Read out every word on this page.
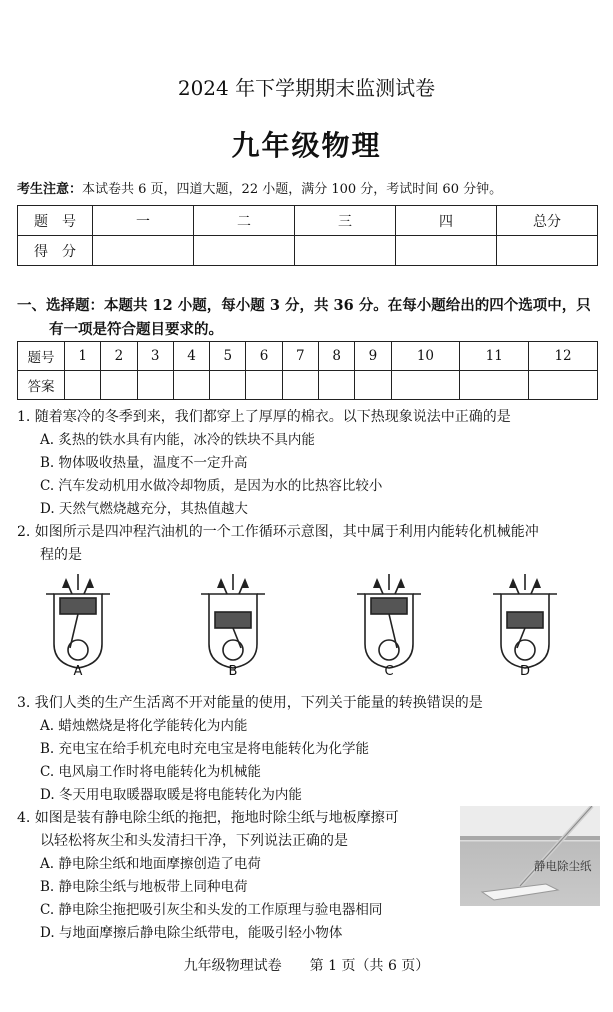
2024 年下学期期末监测试卷
九年级物理
考生注意：本试卷共 6 页，四道大题，22 小题，满分 100 分，考试时间 60 分钟。
题　号	一	二	三	四	总分
得　分					
一、选择题：本题共 12 小题，每小题 3 分，共 36 分。在每小题给出的四个选项中，只
有一项是符合题目要求的。
题号	1	2	3	4	5	6	7	8	9	10	11	12
答案												
1. 随着寒冷的冬季到来，我们都穿上了厚厚的棉衣。以下热现象说法中正确的是
A. 炙热的铁水具有内能，冰冷的铁块不具内能
B. 物体吸收热量，温度不一定升高
C. 汽车发动机用水做冷却物质，是因为水的比热容比较小
D. 天然气燃烧越充分，其热值越大
2. 如图所示是四冲程汽油机的一个工作循环示意图，其中属于利用内能转化机械能冲
程的是
A	B	C	D
3. 我们人类的生产生活离不开对能量的使用，下列关于能量的转换错误的是
A. 蜡烛燃烧是将化学能转化为内能
B. 充电宝在给手机充电时充电宝是将电能转化为化学能
C. 电风扇工作时将电能转化为机械能
D. 冬天用电取暖器取暖是将电能转化为内能
4. 如图是装有静电除尘纸的拖把，拖地时除尘纸与地板摩擦可
以轻松将灰尘和头发清扫干净，下列说法正确的是
A. 静电除尘纸和地面摩擦创造了电荷
B. 静电除尘纸与地板带上同种电荷
C. 静电除尘拖把吸引灰尘和头发的工作原理与验电器相同
D. 与地面摩擦后静电除尘纸带电，能吸引轻小物体
静电除尘纸
九年级物理试卷　　第 1 页（共 6 页）
